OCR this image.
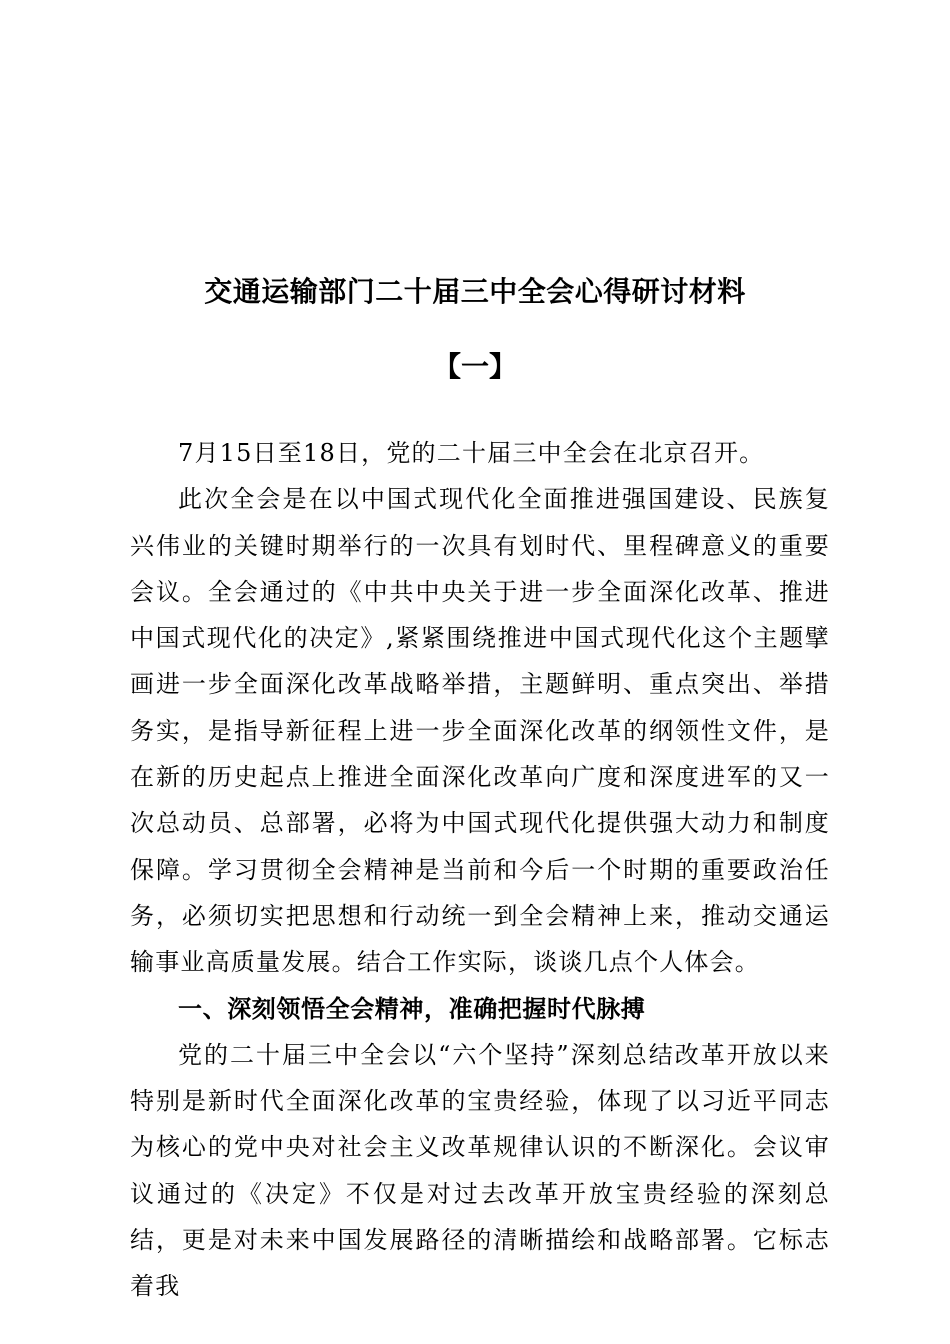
交通运输部门二十届三中全会心得研讨材料
【一】

7月15日至18日，党的二十届三中全会在北京召开。

此次全会是在以中国式现代化全面推进强国建设、民族复兴伟业的关键时期举行的一次具有划时代、里程碑意义的重要会议。全会通过的《中共中央关于进一步全面深化改革、推进中国式现代化的决定》,紧紧围绕推进中国式现代化这个主题擘画进一步全面深化改革战略举措，主题鲜明、重点突出、举措务实，是指导新征程上进一步全面深化改革的纲领性文件，是在新的历史起点上推进全面深化改革向广度和深度进军的又一次总动员、总部署，必将为中国式现代化提供强大动力和制度保障。学习贯彻全会精神是当前和今后一个时期的重要政治任务，必须切实把思想和行动统一到全会精神上来，推动交通运输事业高质量发展。结合工作实际，谈谈几点个人体会。

一、深刻领悟全会精神，准确把握时代脉搏

党的二十届三中全会以“六个坚持”深刻总结改革开放以来特别是新时代全面深化改革的宝贵经验，体现了以习近平同志为核心的党中央对社会主义改革规律认识的不断深化。会议审议通过的《决定》不仅是对过去改革开放宝贵经验的深刻总结，更是对未来中国发展路径的清晰描绘和战略部署。它标志着我
